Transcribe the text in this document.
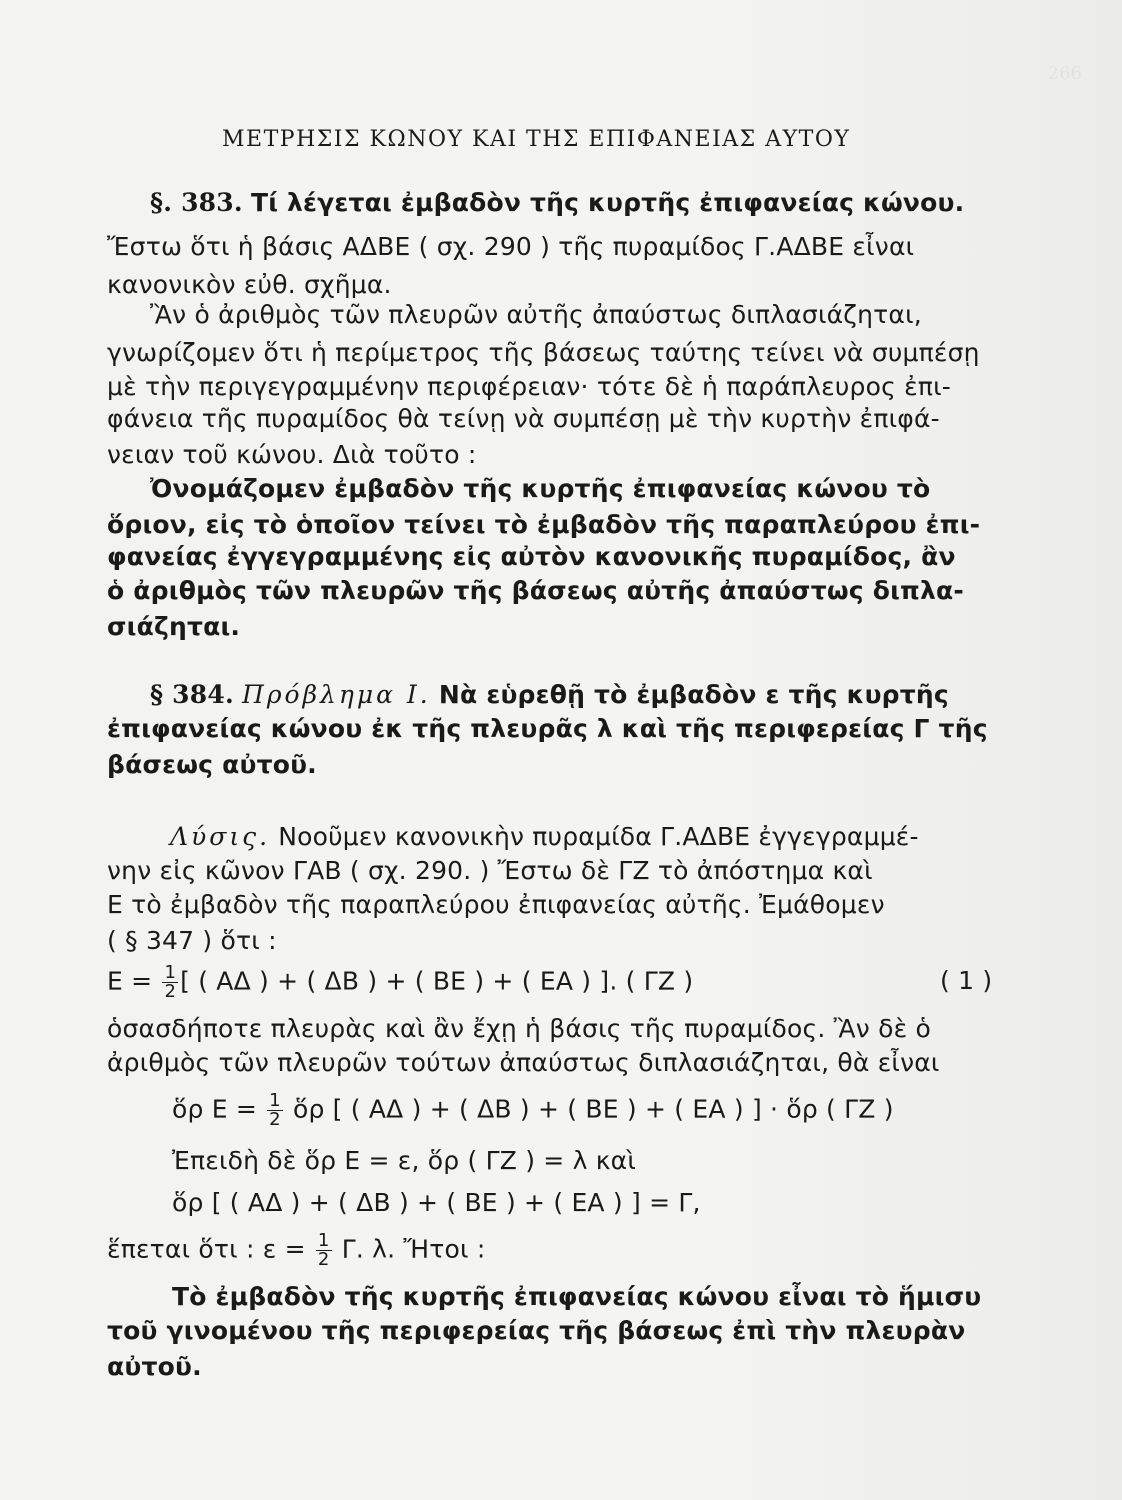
266
ΜΕΤΡΗΣΙΣ ΚΩΝΟΥ ΚΑΙ ΤΗΣ ΕΠΙΦΑΝΕΙΑΣ ΑΥΤΟΥ
§. 383. Τί λέγεται ἐμβαδὸν τῆς κυρτῆς ἐπιφανείας κώνου.
Ἔστω ὅτι ἡ βάσις ΑΔΒΕ ( σχ. 290 ) τῆς πυραμίδος Γ.ΑΔΒΕ εἶναι
κανονικὸν εὐθ. σχῆμα.
Ἂν ὁ ἀριθμὸς τῶν πλευρῶν αὐτῆς ἀπαύστως διπλασιάζηται,
γνωρίζομεν ὅτι ἡ περίμετρος τῆς βάσεως ταύτης τείνει νὰ συμπέσῃ
μὲ τὴν περιγεγραμμένην περιφέρειαν· τότε δὲ ἡ παράπλευρος ἐπι-
φάνεια τῆς πυραμίδος θὰ τείνῃ νὰ συμπέσῃ μὲ τὴν κυρτὴν ἐπιφά-
νειαν τοῦ κώνου. Διὰ τοῦτο :
Ὀνομάζομεν ἐμβαδὸν τῆς κυρτῆς ἐπιφανείας κώνου τὸ
ὅριον, εἰς τὸ ὁποῖον τείνει τὸ ἐμβαδὸν τῆς παραπλεύρου ἐπι-
φανείας ἐγγεγραμμένης εἰς αὐτὸν κανονικῆς πυραμίδος, ἂν
ὁ ἀριθμὸς τῶν πλευρῶν τῆς βάσεως αὐτῆς ἀπαύστως διπλα-
σιάζηται.
§ 384. Πρόβλημα Ι. Νὰ εὑρεθῇ τὸ ἐμβαδὸν ε τῆς κυρτῆς
ἐπιφανείας κώνου ἐκ τῆς πλευρᾶς λ καὶ τῆς περιφερείας Γ τῆς
βάσεως αὐτοῦ.
Λύσις. Νοοῦμεν κανονικὴν πυραμίδα Γ.ΑΔΒΕ ἐγγεγραμμέ-
νην εἰς κῶνον ΓΑΒ ( σχ. 290. ) Ἔστω δὲ ΓΖ τὸ ἀπόστημα καὶ
Ε τὸ ἐμβαδὸν τῆς παραπλεύρου ἐπιφανείας αὐτῆς. Ἐμάθομεν
( § 347 ) ὅτι :
$E = \frac{1}{2}$ [ ( ΑΔ ) + ( ΔΒ ) + ( ΒΕ ) + ( ΕΑ ) ]. ( ΓΖ )	( 1 )
ὁσασδήποτε πλευρὰς καὶ ἂν ἔχῃ ἡ βάσις τῆς πυραμίδος. Ἂν δὲ ὁ
ἀριθμὸς τῶν πλευρῶν τούτων ἀπαύστως διπλασιάζηται, θὰ εἶναι
ὅρ $E = \frac{1}{2}$ ὅρ [ ( ΑΔ ) + ( ΔΒ ) + ( ΒΕ ) + ( ΕΑ ) ] · ὅρ ( ΓΖ )
Ἐπειδὴ δὲ ὅρ Ε = ε, ὅρ ( ΓΖ ) = λ καὶ
ὅρ [ ( ΑΔ ) + ( ΔΒ ) + ( ΒΕ ) + ( ΕΑ ) ] = Γ,
ἕπεται ὅτι : $\varepsilon = \frac{1}{2} \Gamma$. λ. Ἤτοι :
Τὸ ἐμβαδὸν τῆς κυρτῆς ἐπιφανείας κώνου εἶναι τὸ ἥμισυ
τοῦ γινομένου τῆς περιφερείας τῆς βάσεως ἐπὶ τὴν πλευρὰν
αὐτοῦ.
